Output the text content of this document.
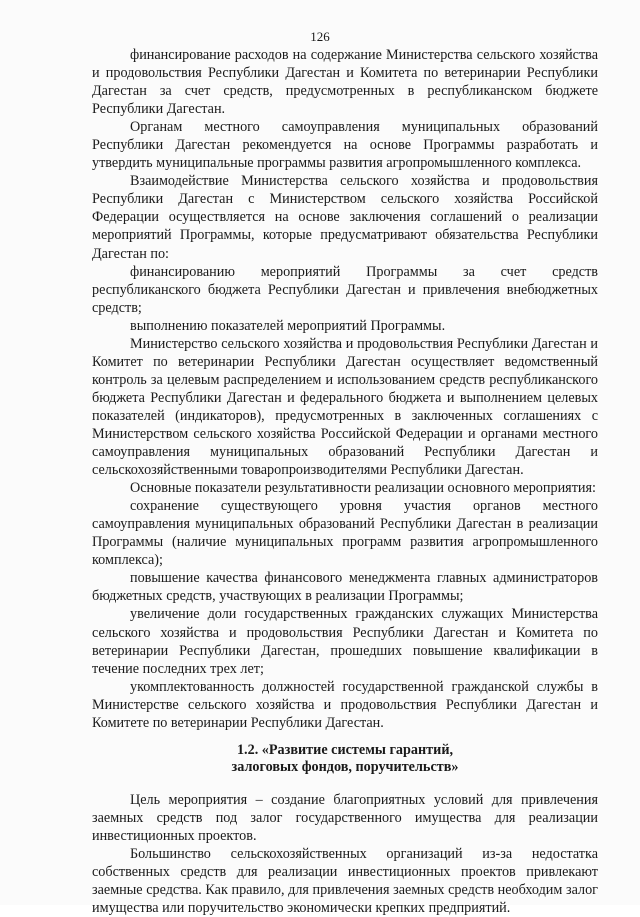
126

финансирование расходов на содержание Министерства сельского хозяйства и продовольствия Республики Дагестан и Комитета по ветеринарии Республики Дагестан за счет средств, предусмотренных в республиканском бюджете Республики Дагестан.

Органам местного самоуправления муниципальных образований Республики Дагестан рекомендуется на основе Программы разработать и утвердить муниципальные программы развития агропромышленного комплекса.

Взаимодействие Министерства сельского хозяйства и продовольствия Республики Дагестан с Министерством сельского хозяйства Российской Федерации осуществляется на основе заключения соглашений о реализации мероприятий Программы, которые предусматривают обязательства Республики Дагестан по:

финансированию мероприятий Программы за счет средств республиканского бюджета Республики Дагестан и привлечения внебюджетных средств;

выполнению показателей мероприятий Программы.

Министерство сельского хозяйства и продовольствия Республики Дагестан и Комитет по ветеринарии Республики Дагестан осуществляет ведомственный контроль за целевым распределением и использованием средств республиканского бюджета Республики Дагестан и федерального бюджета и выполнением целевых показателей (индикаторов), предусмотренных в заключенных соглашениях с Министерством сельского хозяйства Российской Федерации и органами местного самоуправления муниципальных образований Республики Дагестан и сельскохозяйственными товаропроизводителями Республики Дагестан.

Основные показатели результативности реализации основного мероприятия:

сохранение существующего уровня участия органов местного самоуправления муниципальных образований Республики Дагестан в реализации Программы (наличие муниципальных программ развития агропромышленного комплекса);

повышение качества финансового менеджмента главных администраторов бюджетных средств, участвующих в реализации Программы;

увеличение доли государственных гражданских служащих Министерства сельского хозяйства и продовольствия Республики Дагестан и Комитета по ветеринарии Республики Дагестан, прошедших повышение квалификации в течение последних трех лет;

укомплектованность должностей государственной гражданской службы в Министерстве сельского хозяйства и продовольствия Республики Дагестан и Комитете по ветеринарии Республики Дагестан.

1.2. «Развитие системы гарантий,
залоговых фондов, поручительств»

Цель мероприятия – создание благоприятных условий для привлечения заемных средств под залог государственного имущества для реализации инвестиционных проектов.

Большинство сельскохозяйственных организаций из-за недостатка собственных средств для реализации инвестиционных проектов привлекают заемные средства. Как правило, для привлечения заемных средств необходим залог имущества или поручительство экономически крепких предприятий.
